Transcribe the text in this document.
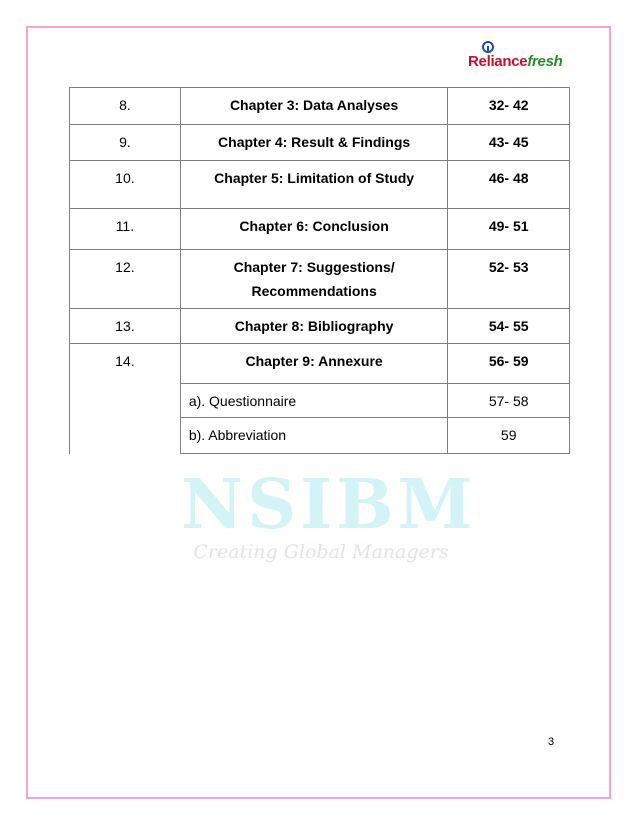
Reliancefresh
8.	Chapter 3: Data Analyses	32- 42

9.	Chapter 4: Result & Findings	43- 45

10.	Chapter 5: Limitation of Study	46- 48

11.	Chapter 6: Conclusion	49- 51

12.	Chapter 7: Suggestions/
Recommendations	52- 53

13.	Chapter 8: Bibliography	54- 55

14.	Chapter 9: Annexure	56- 59

	a). Questionnaire	57- 58

	b). Abbreviation	59
NSIBM
Creating Global Managers
3
